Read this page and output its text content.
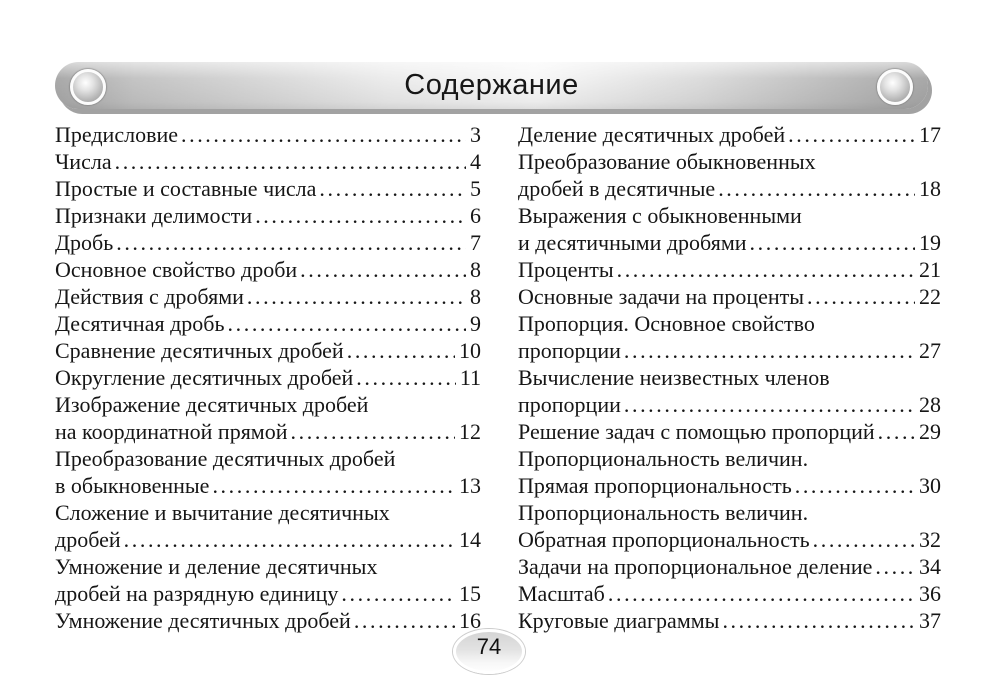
Содержание
Предисловие .....	3
Числа .....	4
Простые и составные числа .....	5
Признаки делимости .....	6
Дробь .....	7
Основное свойство дроби .....	8
Действия с дробями .....	8
Десятичная дробь .....	9
Сравнение десятичных дробей .....	10
Округление десятичных дробей .....	11
Изображение десятичных дробей
на координатной прямой .....	12
Преобразование десятичных дробей
в обыкновенные .....	13
Сложение и вычитание десятичных
дробей .....	14
Умножение и деление десятичных
дробей на разрядную единицу .....	15
Умножение десятичных дробей .....	16
Деление десятичных дробей .....	17
Преобразование обыкновенных
дробей в десятичные .....	18
Выражения с обыкновенными
и десятичными дробями .....	19
Проценты .....	21
Основные задачи на проценты .....	22
Пропорция. Основное свойство
пропорции .....	27
Вычисление неизвестных членов
пропорции .....	28
Решение задач с помощью пропорций ..... 29
Пропорциональность величин.
Прямая пропорциональность .....	30
Пропорциональность величин.
Обратная пропорциональность .....	32
Задачи на пропорциональное деление ..... 34
Масштаб .....	36
Круговые диаграммы .....	37
74
